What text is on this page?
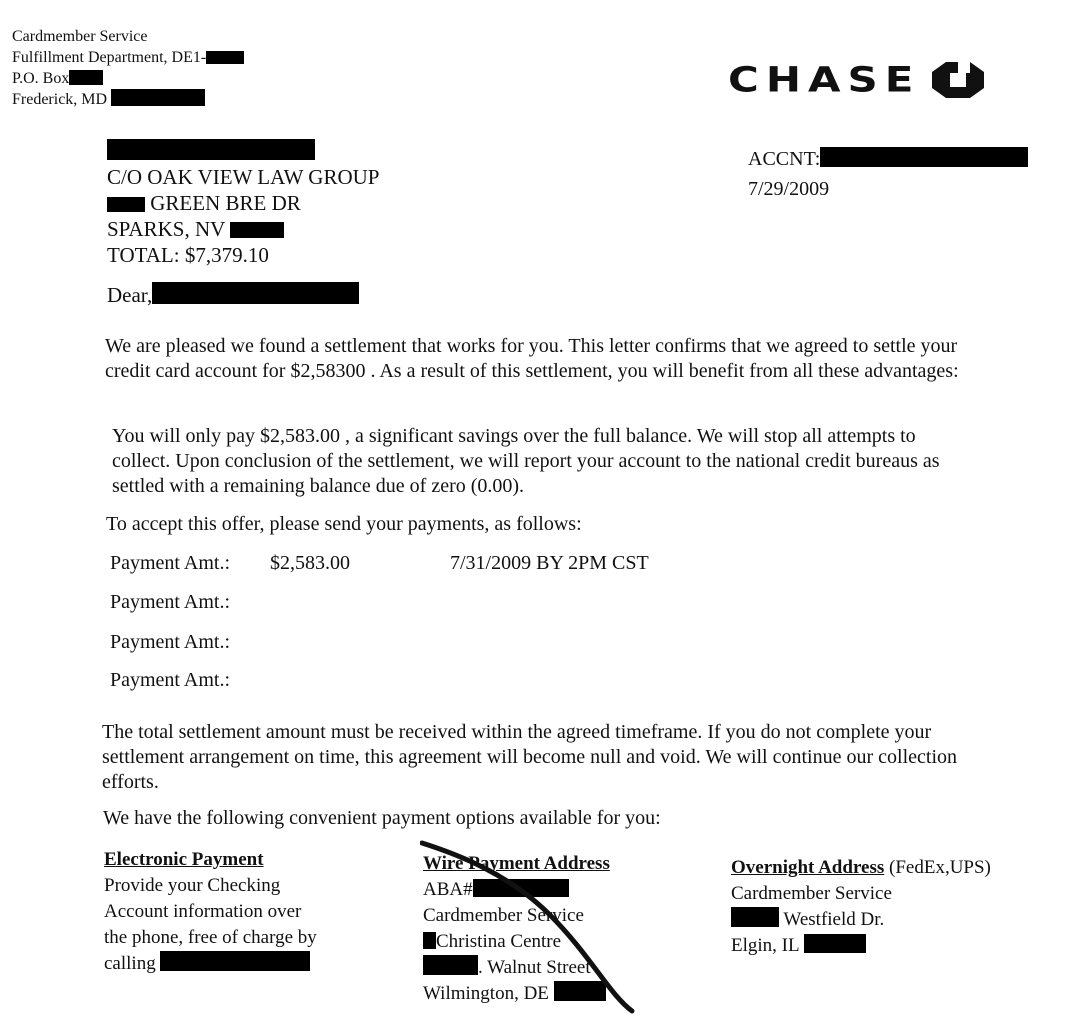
Cardmember Service
Fulfillment Department, DE1-
P.O. Box
Frederick, MD	CHASE
C/O OAK VIEW LAW GROUP
GREEN BRE DR
SPARKS, NV
TOTAL: $7,379.10
ACCNT:
7/29/2009
Dear,
We are pleased we found a settlement that works for you. This letter confirms that we agreed to settle your credit card account for $2,58300 . As a result of this settlement, you will benefit from all these advantages:
You will only pay $2,583.00 , a significant savings over the full balance. We will stop all attempts to collect. Upon conclusion of the settlement, we will report your account to the national credit bureaus as settled with a remaining balance due of zero (0.00).
To accept this offer, please send your payments, as follows:
Payment Amt.: $2,583.00	7/31/2009 BY 2PM CST
Payment Amt.:
Payment Amt.:
Payment Amt.:
The total settlement amount must be received within the agreed timeframe. If you do not complete your settlement arrangement on time, this agreement will become null and void. We will continue our collection efforts.
We have the following convenient payment options available for you:
Electronic Payment
Provide your Checking
Account information over
the phone, free of charge by
calling
Wire Payment Address
ABA#
Cardmember Service
Christina Centre
. Walnut Street
Wilmington, DE
Overnight Address (FedEx,UPS)
Cardmember Service
Westfield Dr.
Elgin, IL
